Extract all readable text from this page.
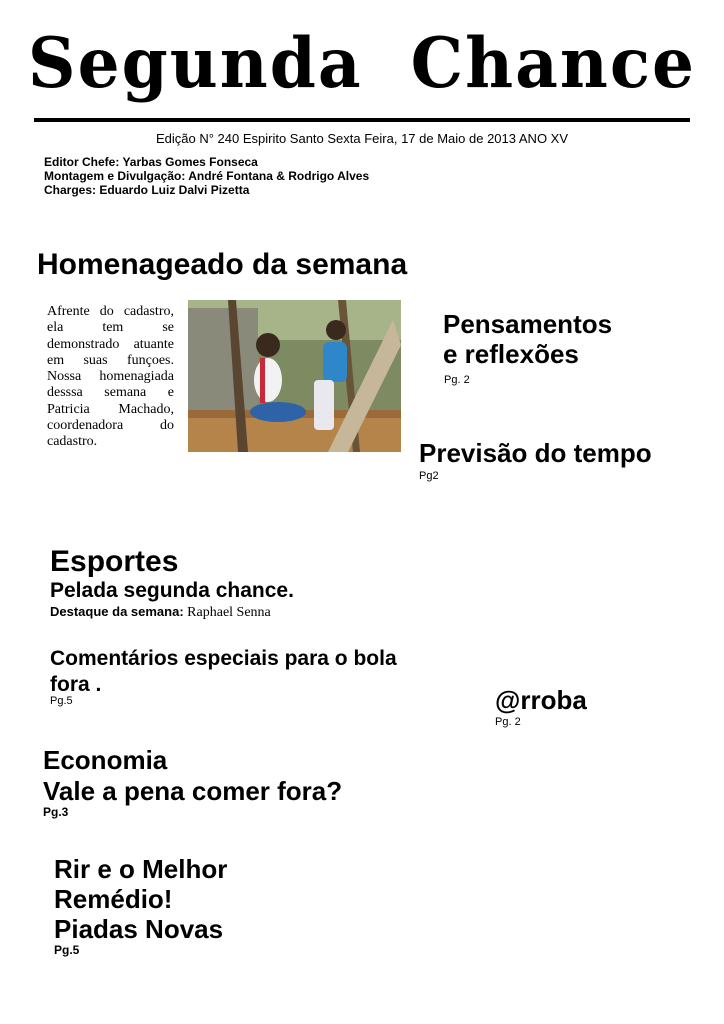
Segunda Chance
Edição N° 240 Espirito Santo Sexta Feira, 17 de Maio de 2013 ANO XV
Editor Chefe: Yarbas Gomes Fonseca
Montagem e Divulgação: André Fontana & Rodrigo Alves
Charges: Eduardo Luiz Dalvi Pizetta
Homenageado da semana
Afrente do cadastro, ela tem se demonstrado atuante em suas funçoes. Nossa homenagiada desssa semana e Patricia Machado, coordenadora do cadastro.
Pensamentos
e reflexões
Pg. 2
Previsão do tempo
Pg2
Esportes
Pelada segunda chance.
Destaque da semana: Raphael Senna
Comentários especiais para o bola
fora .
Pg.5	@rroba
Pg. 2
Economia
Vale a pena comer fora?
Pg.3
Rir e o Melhor
Remédio!
Piadas Novas
Pg.5
